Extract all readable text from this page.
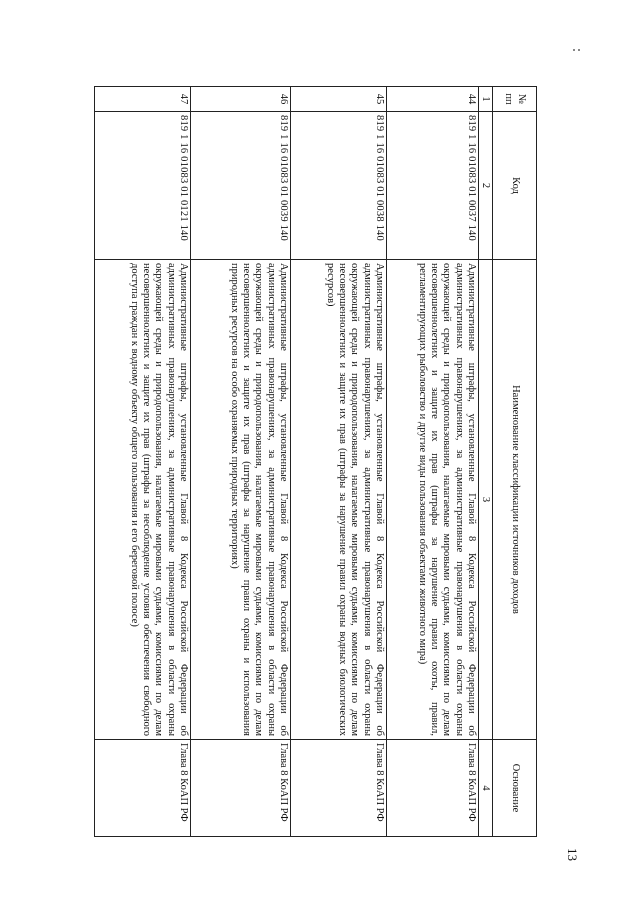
13
№ пп	Код	Наименование классификации источников доходов	Основание
1	2	3	4
44	819 1 16 01083 01 0037 140	Административные штрафы, установленные Главой 8 Кодекса Российской Федерации об административных правонарушениях, за административные правонарушения в области охраны окружающей среды и природопользования, налагаемые мировыми судьями, комиссиями по делам несовершеннолетних и защите их прав (штрафы за нарушение правил охоты, правил, регламентирующих рыболовство и другие виды пользования объектами животного мира)	Глава 8 КоАП РФ
45	819 1 16 01083 01 0038 140	Административные штрафы, установленные Главой 8 Кодекса Российской Федерации об административных правонарушениях, за административные правонарушения в области охраны окружающей среды и природопользования, налагаемые мировыми судьями, комиссиями по делам несовершеннолетних и защите их прав (штрафы за нарушение правил охраны водных биологических ресурсов)	Глава 8 КоАП РФ
46	819 1 16 01083 01 0039 140	Административные штрафы, установленные Главой 8 Кодекса Российской Федерации об административных правонарушениях, за административные правонарушения в области охраны окружающей среды и природопользования, налагаемые мировыми судьями, комиссиями по делам несовершеннолетних и защите их прав (штрафы за нарушение правил охраны и использования природных ресурсов на особо охраняемых природных территориях)	Глава 8 КоАП РФ
47	819 1 16 01083 01 0121 140	Административные штрафы, установленные Главой 8 Кодекса Российской Федерации об административных правонарушениях, за административные правонарушения в области охраны окружающей среды и природопользования, налагаемые мировыми судьями, комиссиями по делам несовершеннолетних и защите их прав (штрафы за несоблюдение условия обеспечения свободного доступа граждан к водному объекту общего пользования и его береговой полосе)	Глава 8 КоАП РФ
